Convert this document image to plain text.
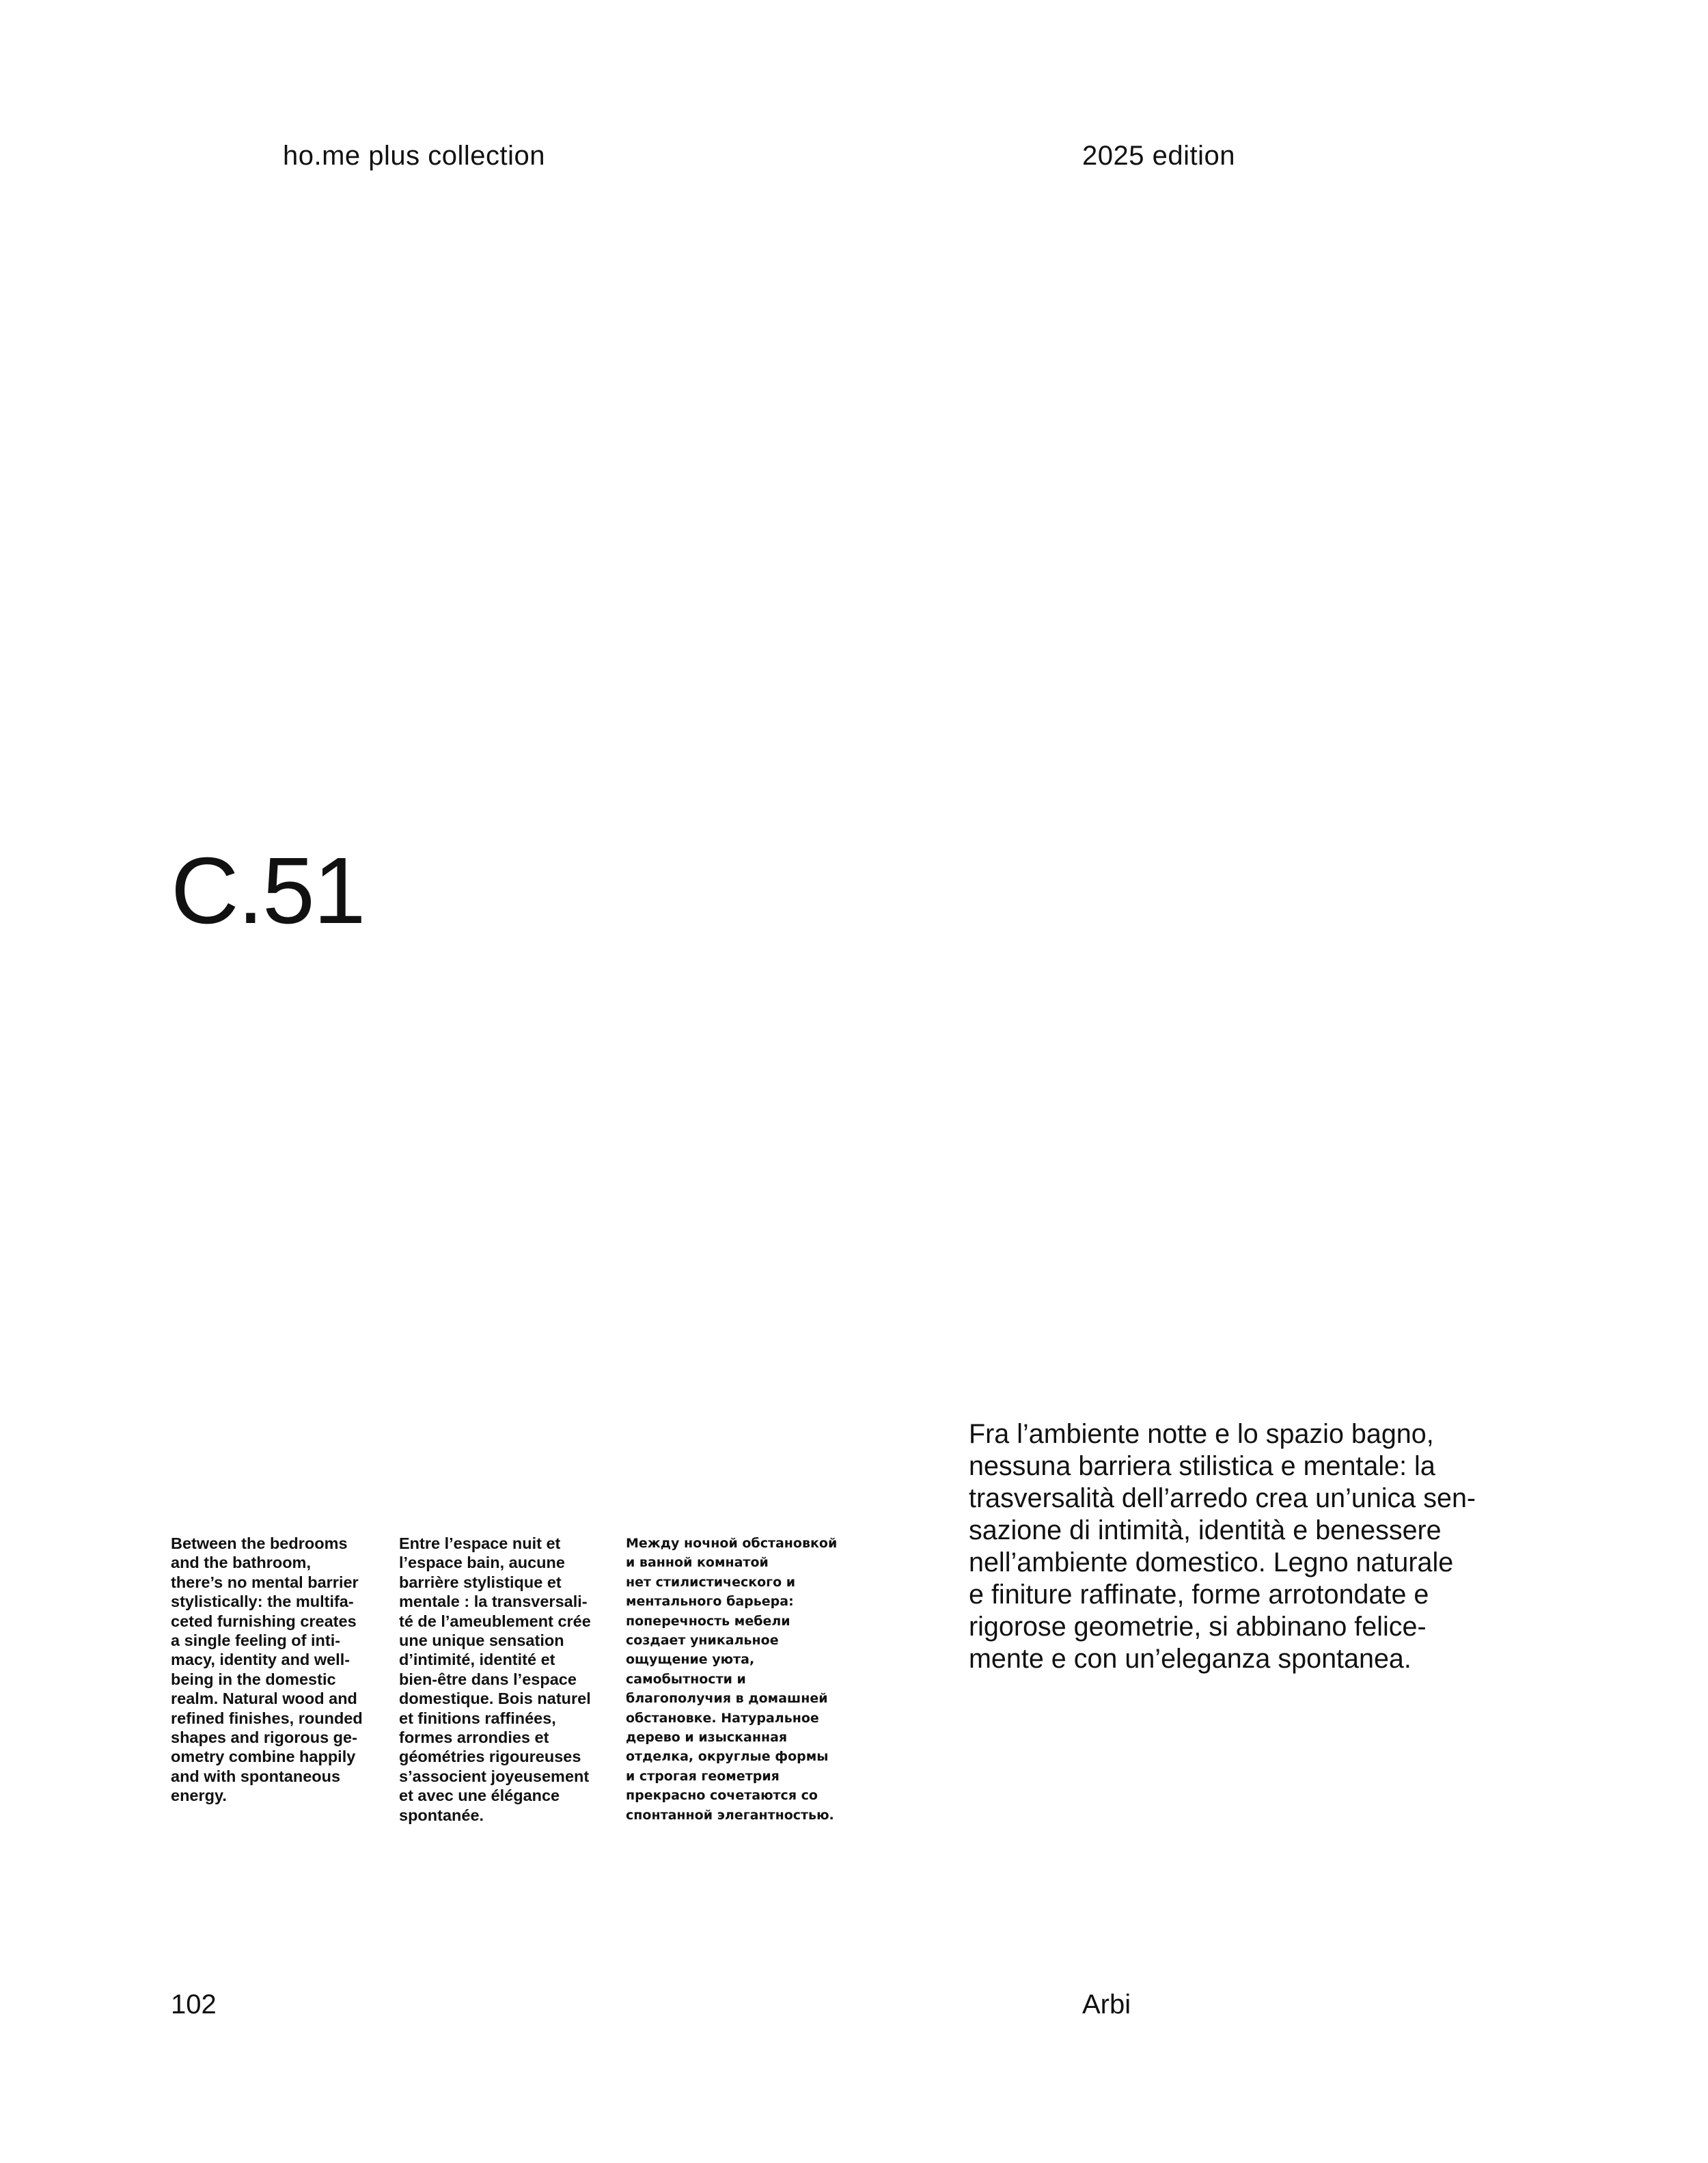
ho.me plus collection	2025 edition
C.51
Between the bedrooms
and the bathroom,
there’s no mental barrier
stylistically: the multifa-
ceted furnishing creates
a single feeling of inti-
macy, identity and well-
being in the domestic
realm. Natural wood and
refined finishes, rounded
shapes and rigorous ge-
ometry combine happily
and with spontaneous
energy.
Entre l’espace nuit et
l’espace bain, aucune
barrière stylistique et
mentale : la transversali-
té de l’ameublement crée
une unique sensation
d’intimité, identité et
bien-être dans l’espace
domestique. Bois naturel
et finitions raffinées,
formes arrondies et
géométries rigoureuses
s’associent joyeusement
et avec une élégance
spontanée.
Между ночной обстановкой
и ванной комнатой
нет стилистического и
ментального барьера:
поперечность мебели
создает уникальное
ощущение уюта,
самобытности и
благополучия в домашней
обстановке. Натуральное
дерево и изысканная
отделка, округлые формы
и строгая геометрия
прекрасно сочетаются со
спонтанной элегантностью.
Fra l’ambiente notte e lo spazio bagno,
nessuna barriera stilistica e mentale: la
trasversalità dell’arredo crea un’unica sen-
sazione di intimità, identità e benessere
nell’ambiente domestico. Legno naturale
e finiture raffinate, forme arrotondate e
rigorose geometrie, si abbinano felice-
mente e con un’eleganza spontanea.
102	Arbi
